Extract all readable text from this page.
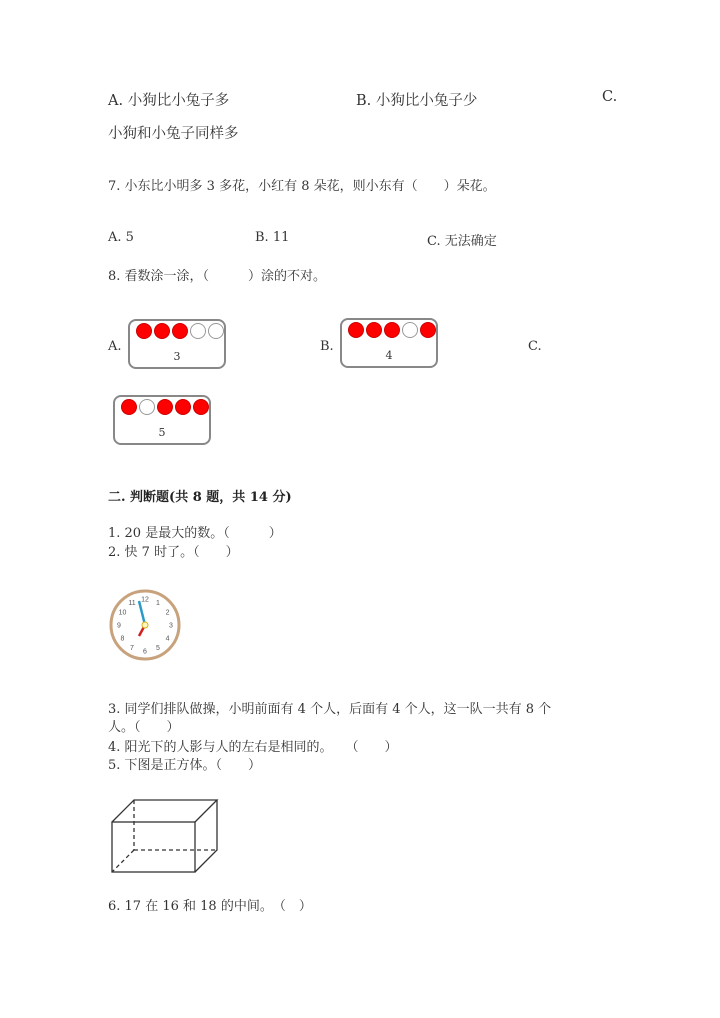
A. 小狗比小兔子多	B. 小狗比小兔子少	C.
小狗和小兔子同样多
7. 小东比小明多 3 多花，小红有 8 朵花，则小东有（　　）朵花。
A. 5	B. 11	C. 无法确定
8. 看数涂一涂，（　　　）涂的不对。
A.
3
B.
4
C.
5
二. 判断题(共 8 题，共 14 分)
1. 20 是最大的数。（　　　）
2. 快 7 时了。（　　）
12 1
2
3
4
5
6
7
8
9
10
11
3. 同学们排队做操，小明前面有 4 个人，后面有 4 个人，这一队一共有 8 个
人。（　　）
4. 阳光下的人影与人的左右是相同的。　　（　　）
5. 下图是正方体。（　　）
6. 17 在 16 和 18 的中间。　（　）
